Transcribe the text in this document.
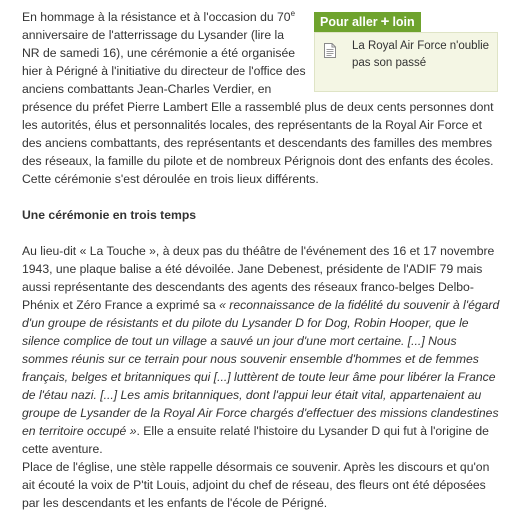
En hommage à la résistance et à l'occasion du 70e
anniversaire de l'atterrissage du Lysander (lire la
NR de samedi 16), une cérémonie a été organisée
hier à Périgné à l'initiative du directeur de l'office des
anciens combattants Jean-Charles Verdier, en
présence du préfet Pierre Lambert Elle a rassemblé plus de deux cents personnes dont les autorités, élus et personnalités locales, des représentants de la Royal Air Force et des anciens combattants, des représentants et descendants des familles des membres des réseaux, la famille du pilote et de nombreux Pérignois dont des enfants des écoles. Cette cérémonie s'est déroulée en trois lieux différents.
Une cérémonie en trois temps
Au lieu-dit « La Touche », à deux pas du théâtre de l'événement des 16 et 17 novembre 1943, une plaque balise a été dévoilée. Jane Debenest, présidente de l'ADIF 79 mais aussi représentante des descendants des agents des réseaux franco-belges Delbo-Phénix et Zéro France a exprimé sa « reconnaissance de la fidélité du souvenir à l'égard d'un groupe de résistants et du pilote du Lysander D for Dog, Robin Hooper, que le silence complice de tout un village a sauvé un jour d'une mort certaine. [...] Nous sommes réunis sur ce terrain pour nous souvenir ensemble d'hommes et de femmes français, belges et britanniques qui [...] luttèrent de toute leur âme pour libérer la France de l'étau nazi. [...] Les amis britanniques, dont l'appui leur était vital, appartenaient au groupe de Lysander de la Royal Air Force chargés d'effectuer des missions clandestines en territoire occupé ». Elle a ensuite relaté l'histoire du Lysander D qui fut à l'origine de cette aventure.
Place de l'église, une stèle rappelle désormais ce souvenir. Après les discours et qu'on ait écouté la voix de P'tit Louis, adjoint du chef de réseau, des fleurs ont été déposées par les descendants et les enfants de l'école de Périgné.
Pour aller + loin
La Royal Air Force n'oublie pas son passé
